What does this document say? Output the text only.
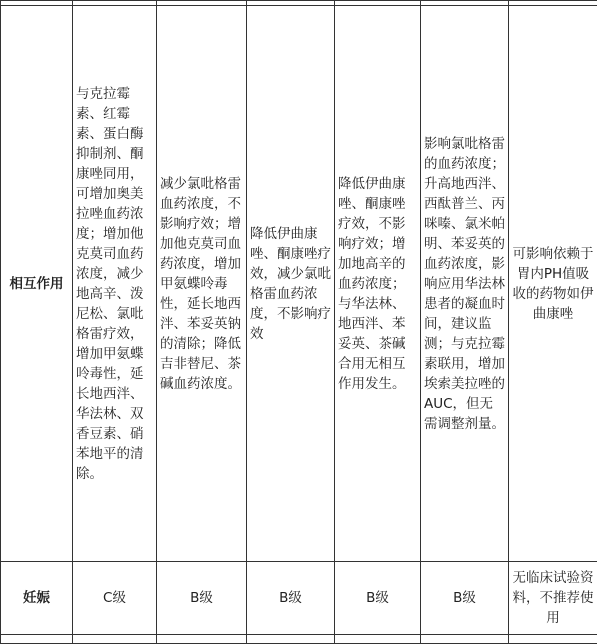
相互作用	与克拉霉素、红霉素、蛋白酶抑制剂、酮康唑同用，可增加奥美拉唑血药浓度；增加他克莫司血药浓度，减少地高辛、泼尼松、氯吡格雷疗效，增加甲氨蝶呤毒性，延长地西泮、华法林、双香豆素、硝苯地平的清除。	减少氯吡格雷血药浓度，不影响疗效；增加他克莫司血药浓度，增加甲氨蝶呤毒性，延长地西泮、苯妥英钠的清除；降低吉非替尼、茶碱血药浓度。	降低伊曲康唑、酮康唑疗效，减少氯吡格雷血药浓度，不影响疗效	降低伊曲康唑、酮康唑疗效，不影响疗效；增加地高辛的血药浓度；与华法林、地西泮、苯妥英、茶碱合用无相互作用发生。	影响氯吡格雷的血药浓度；升高地西泮、西酞普兰、丙咪嗪、氯米帕明、苯妥英的血药浓度，影响应用华法林患者的凝血时间，建议监测；与克拉霉素联用，增加埃索美拉唑的AUC，但无需调整剂量。	可影响依赖于胃内PH值吸收的药物如伊曲康唑
妊娠	C级	B级	B级	B级	B级	无临床试验资料，不推荐使用
